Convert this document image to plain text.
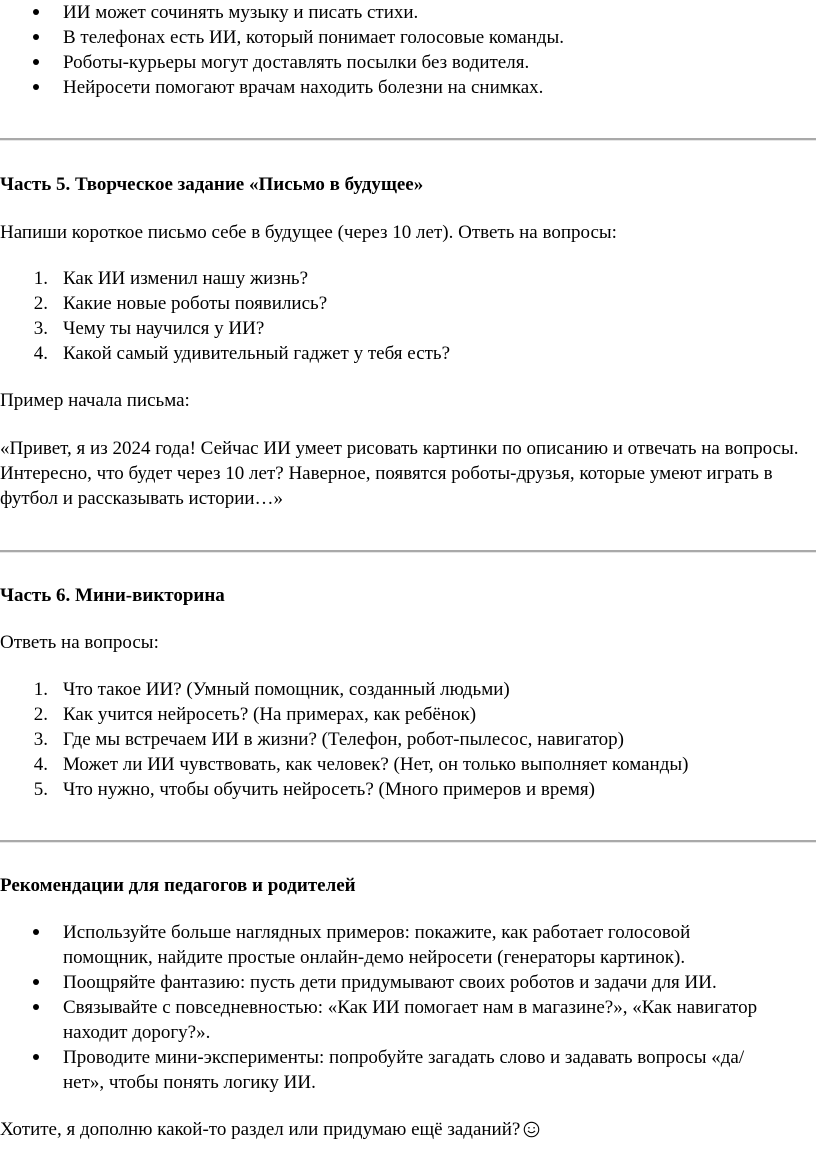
ИИ может сочинять музыку и писать стихи.
В телефонах есть ИИ, который понимает голосовые команды.
Роботы-курьеры могут доставлять посылки без водителя.
Нейросети помогают врачам находить болезни на снимках.
Часть 5. Творческое задание «Письмо в будущее»

Напиши короткое письмо себе в будущее (через 10 лет). Ответь на вопросы:

1. Как ИИ изменил нашу жизнь?
2. Какие новые роботы появились?
3. Чему ты научился у ИИ?
4. Какой самый удивительный гаджет у тебя есть?

Пример начала письма:

«Привет, я из 2024 года! Сейчас ИИ умеет рисовать картинки по описанию и отвечать на вопросы. Интересно, что будет через 10 лет? Наверное, появятся роботы-друзья, которые умеют играть в футбол и рассказывать истории…»

Часть 6. Мини-викторина

Ответь на вопросы:

1. Что такое ИИ? (Умный помощник, созданный людьми)
2. Как учится нейросеть? (На примерах, как ребёнок)
3. Где мы встречаем ИИ в жизни? (Телефон, робот-пылесос, навигатор)
4. Может ли ИИ чувствовать, как человек? (Нет, он только выполняет команды)
5. Что нужно, чтобы обучить нейросеть? (Много примеров и время)
Рекомендации для педагогов и родителей
Используйте больше наглядных примеров: покажите, как работает голосовой помощник, найдите простые онлайн-демо нейросети (генераторы картинок).
Поощряйте фантазию: пусть дети придумывают своих роботов и задачи для ИИ.
Связывайте с повседневностью: «Как ИИ помогает нам в магазине?», «Как навигатор находит дорогу?».
Проводите мини-эксперименты: попробуйте загадать слово и задавать вопросы «да/нет», чтобы понять логику ИИ.

Хотите, я дополню какой-то раздел или придумаю ещё заданий?
